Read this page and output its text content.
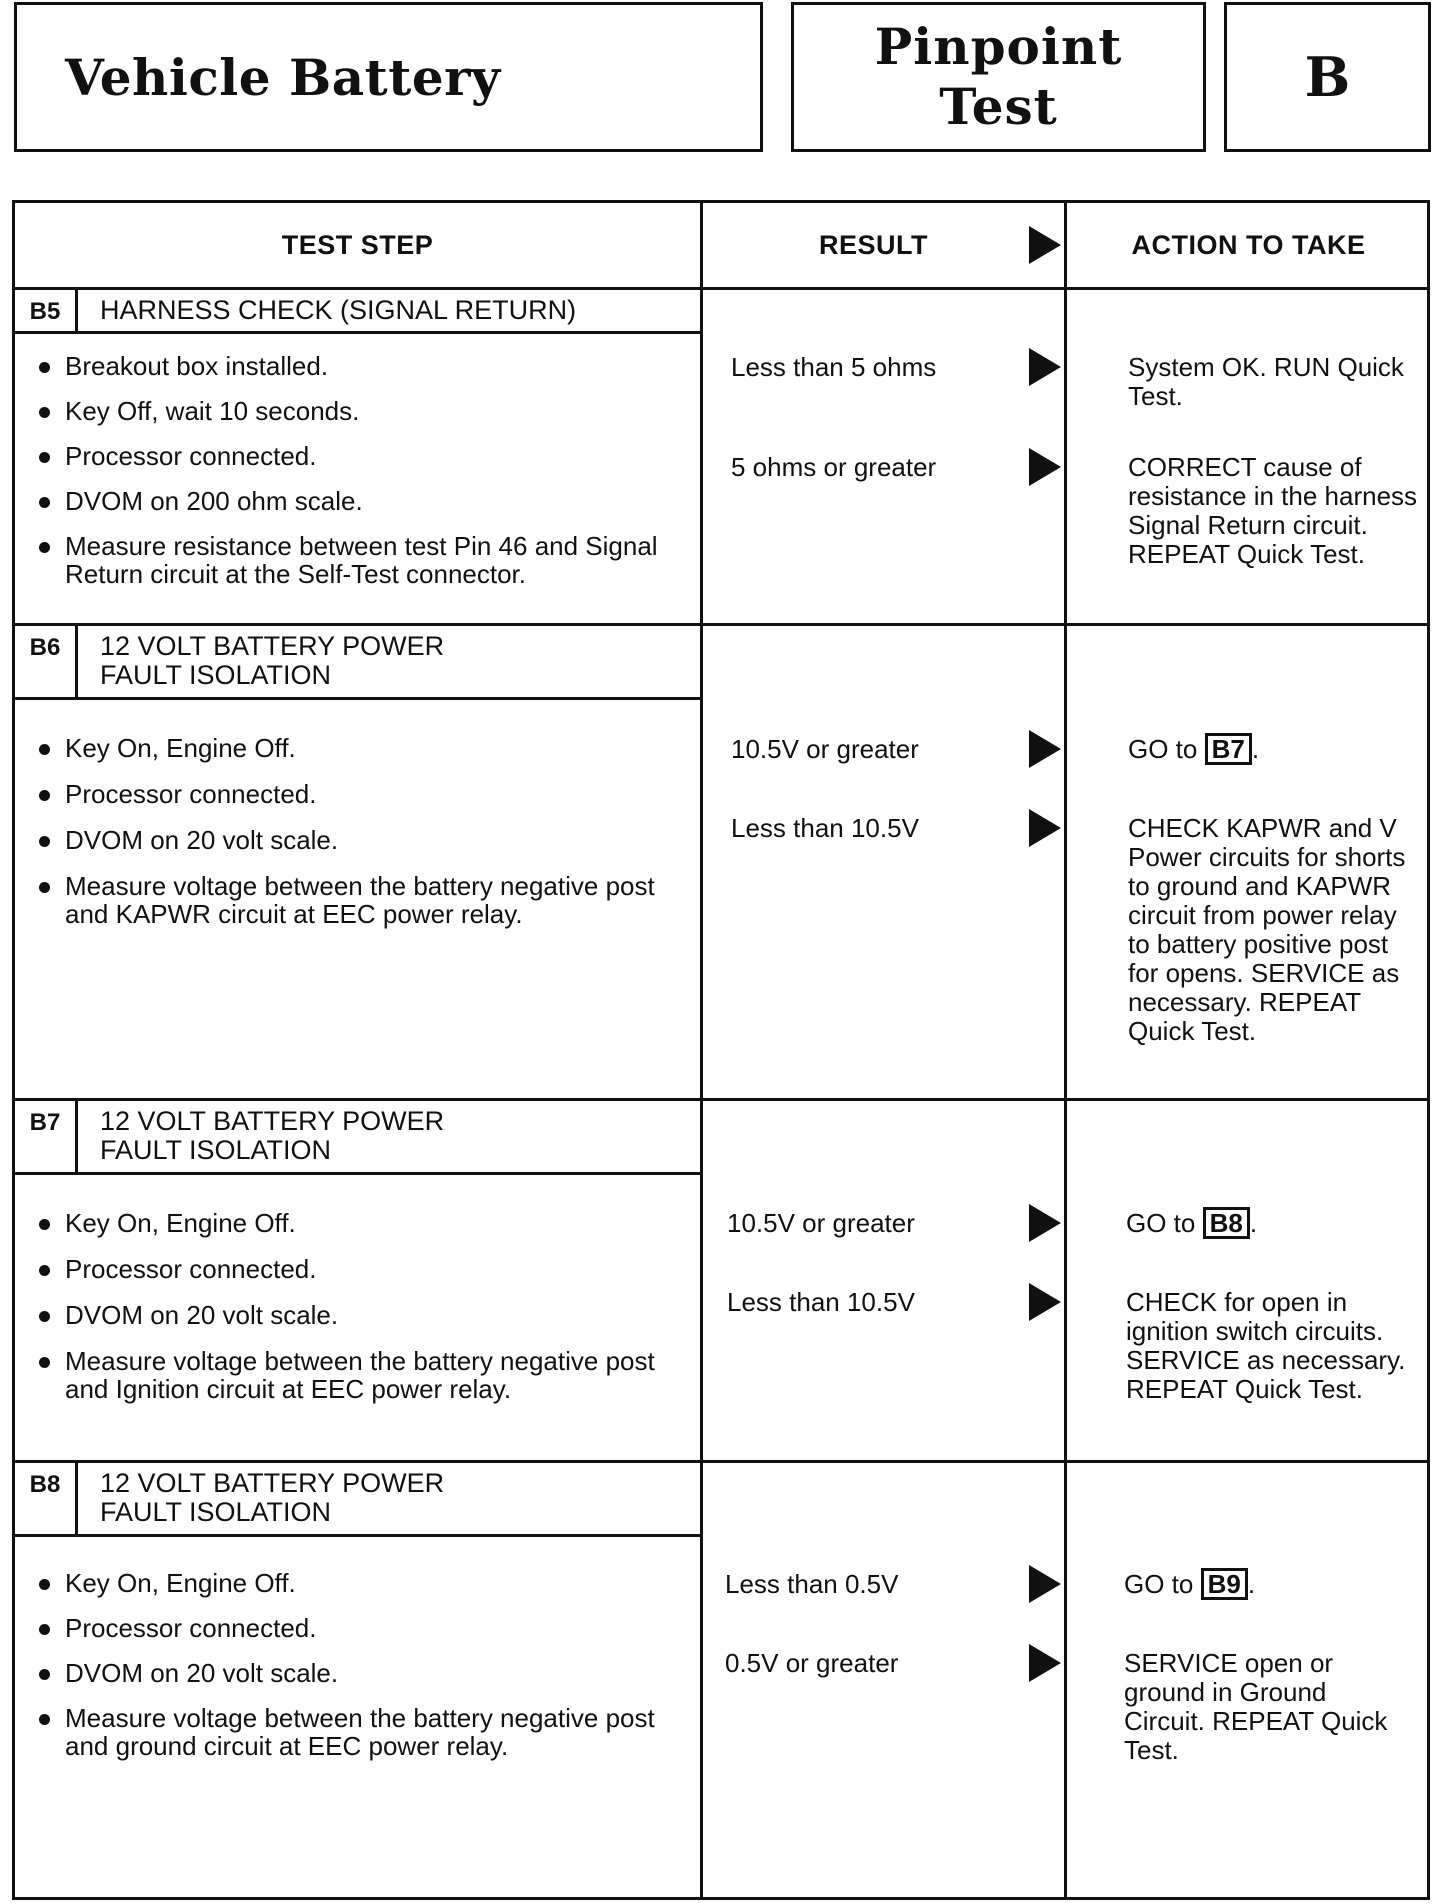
Vehicle Battery
Pinpoint
Test	B
TEST STEP	RESULT	ACTION TO TAKE
B5	HARNESS CHECK (SIGNAL RETURN)
Breakout box installed.
Key Off, wait 10 seconds.
Processor connected.
DVOM on 200 ohm scale.
Measure resistance between test Pin 46 and Signal Return circuit at the Self-Test connector.
Less than 5 ohms	System OK. RUN Quick Test.
5 ohms or greater	CORRECT cause of resistance in the harness Signal Return circuit. REPEAT Quick Test.
B6	12 VOLT BATTERY POWER
FAULT ISOLATION
Key On, Engine Off.
Processor connected.
DVOM on 20 volt scale.
Measure voltage between the battery negative post and KAPWR circuit at EEC power relay.
10.5V or greater	GO to B7 .
Less than 10.5V	CHECK KAPWR and V Power circuits for shorts to ground and KAPWR circuit from power relay to battery positive post for opens. SERVICE as necessary. REPEAT Quick Test.
B7	12 VOLT BATTERY POWER
FAULT ISOLATION
Key On, Engine Off.
Processor connected.
DVOM on 20 volt scale.
Measure voltage between the battery negative post and Ignition circuit at EEC power relay.
10.5V or greater	GO to B8 .
Less than 10.5V	CHECK for open in ignition switch circuits. SERVICE as necessary. REPEAT Quick Test.
B8	12 VOLT BATTERY POWER
FAULT ISOLATION
Key On, Engine Off.
Processor connected.
DVOM on 20 volt scale.
Measure voltage between the battery negative post and ground circuit at EEC power relay.
Less than 0.5V	GO to B9 .
0.5V or greater	SERVICE open or ground in Ground Circuit. REPEAT Quick Test.
